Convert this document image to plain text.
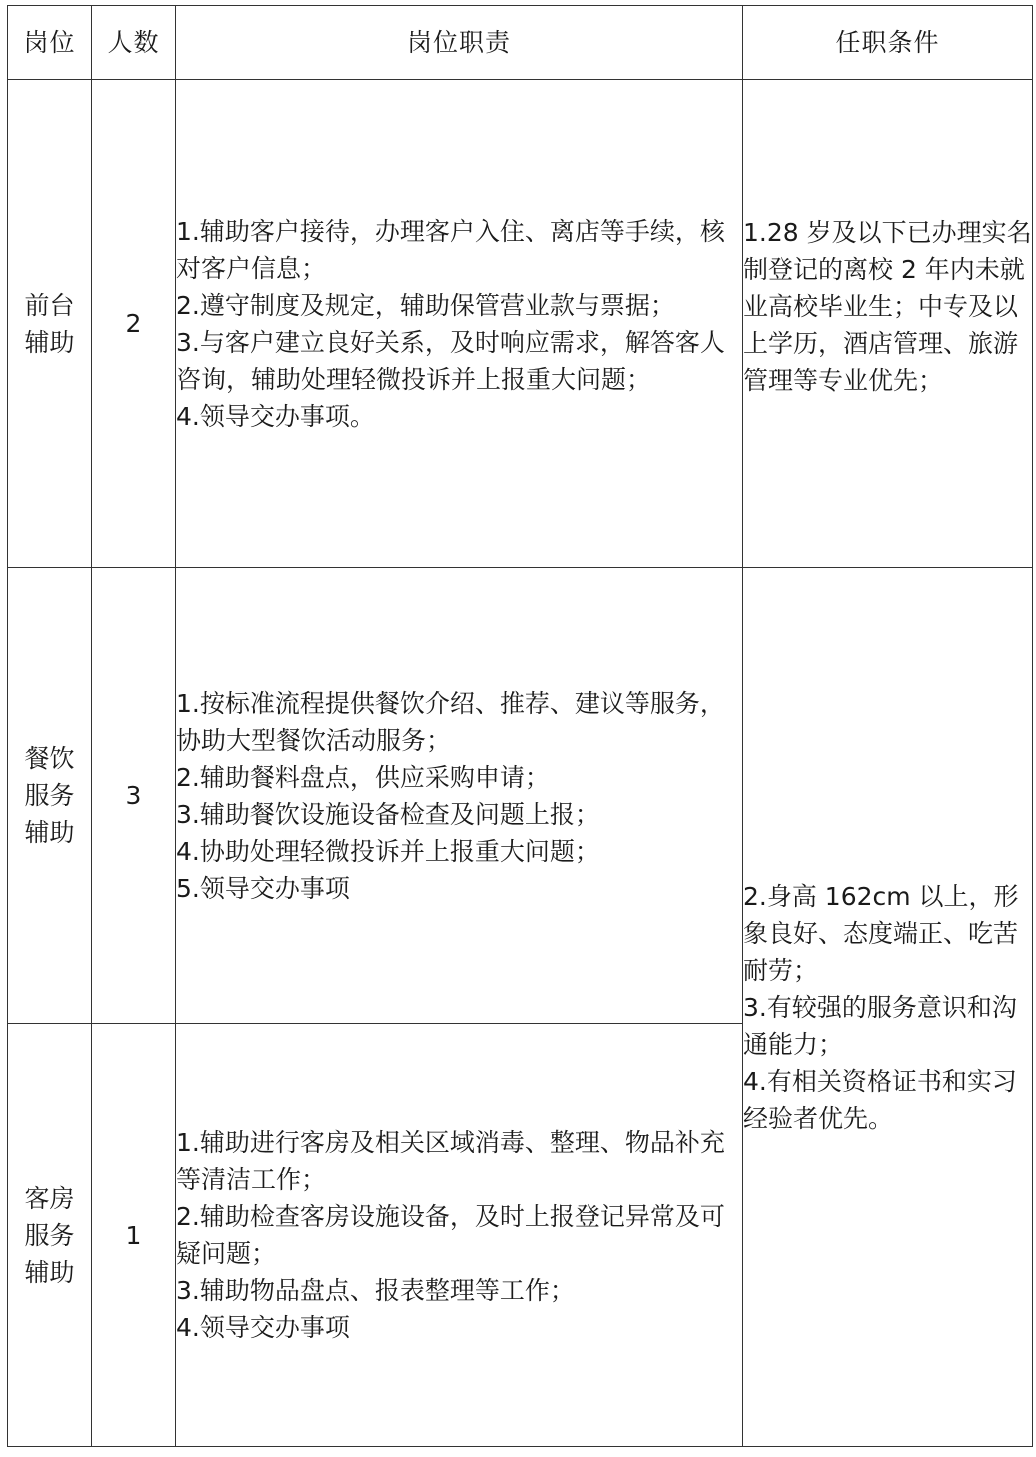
岗位	人数	岗位职责	任职条件

前台
辅助	2	1.辅助客户接待，办理客户入住、离店等手续，核对客户信息；
2.遵守制度及规定，辅助保管营业款与票据；
3.与客户建立良好关系，及时响应需求，解答客人咨询，辅助处理轻微投诉并上报重大问题；
4.领导交办事项。	1.28 岁及以下已办理实名制登记的离校 2 年内未就业高校毕业生；中专及以上学历，酒店管理、旅游管理等专业优先；

餐饮
服务
辅助	3	1.按标准流程提供餐饮介绍、推荐、建议等服务，协助大型餐饮活动服务；
2.辅助餐料盘点，供应采购申请；
3.辅助餐饮设施设备检查及问题上报；
4.协助处理轻微投诉并上报重大问题；
5.领导交办事项	2.身高 162cm 以上，形象良好、态度端正、吃苦耐劳；
3.有较强的服务意识和沟通能力；
4.有相关资格证书和实习经验者优先。

客房
服务
辅助	1	1.辅助进行客房及相关区域消毒、整理、物品补充等清洁工作；
2.辅助检查客房设施设备，及时上报登记异常及可疑问题；
3.辅助物品盘点、报表整理等工作；
4.领导交办事项	
